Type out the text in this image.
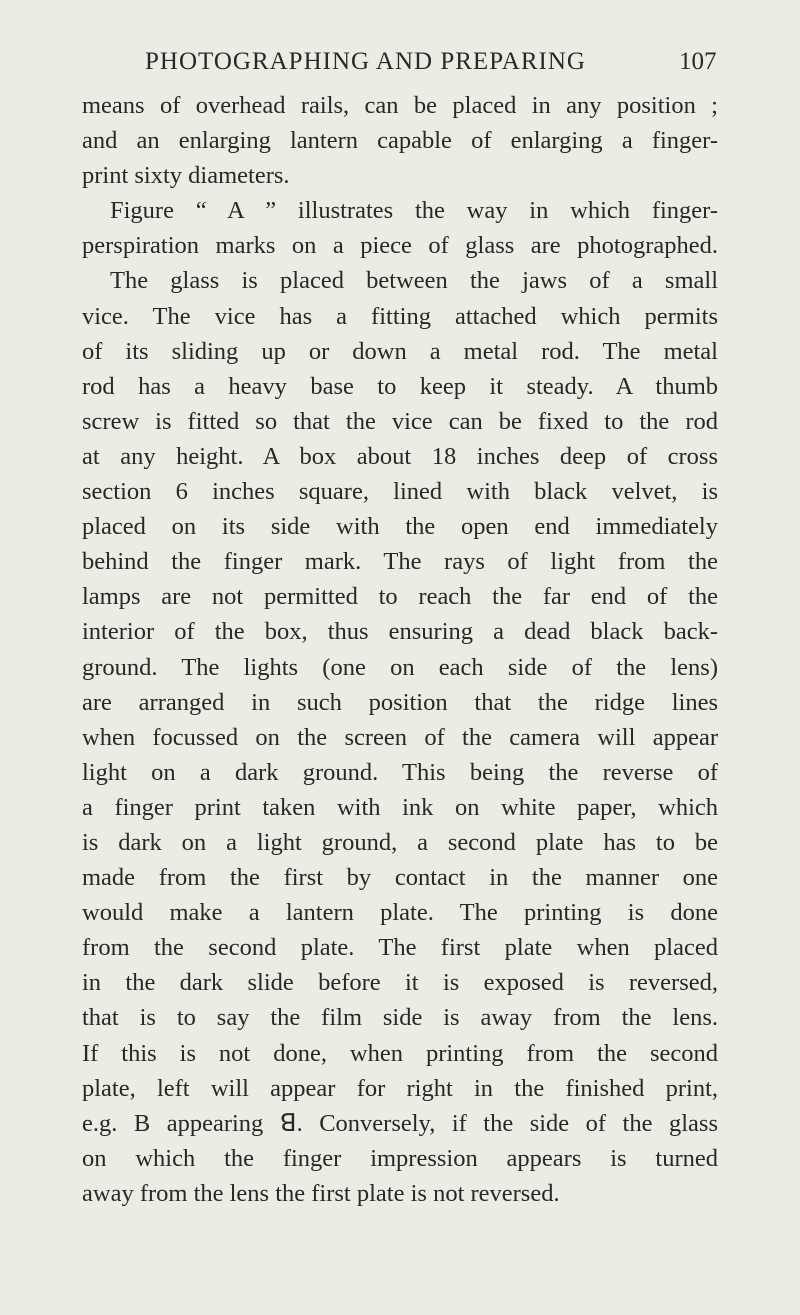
PHOTOGRAPHING AND PREPARING	107
means of overhead rails, can be placed in any position ;
and an enlarging lantern capable of enlarging a finger-
print sixty diameters.
Figure “ A ” illustrates the way in which finger-
perspiration marks on a piece of glass are photographed.
The glass is placed between the jaws of a small
vice. The vice has a fitting attached which permits
of its sliding up or down a metal rod. The metal
rod has a heavy base to keep it steady. A thumb
screw is fitted so that the vice can be fixed to the rod
at any height. A box about 18 inches deep of cross
section 6 inches square, lined with black velvet, is
placed on its side with the open end immediately
behind the finger mark. The rays of light from the
lamps are not permitted to reach the far end of the
interior of the box, thus ensuring a dead black back-
ground. The lights (one on each side of the lens)
are arranged in such position that the ridge lines
when focussed on the screen of the camera will appear
light on a dark ground. This being the reverse of
a finger print taken with ink on white paper, which
is dark on a light ground, a second plate has to be
made from the first by contact in the manner one
would make a lantern plate. The printing is done
from the second plate. The first plate when placed
in the dark slide before it is exposed is reversed,
that is to say the film side is away from the lens.
If this is not done, when printing from the second
plate, left will appear for right in the finished print,
e.g. B appearing ꓭ. Conversely, if the side of the glass
on which the finger impression appears is turned
away from the lens the first plate is not reversed.
